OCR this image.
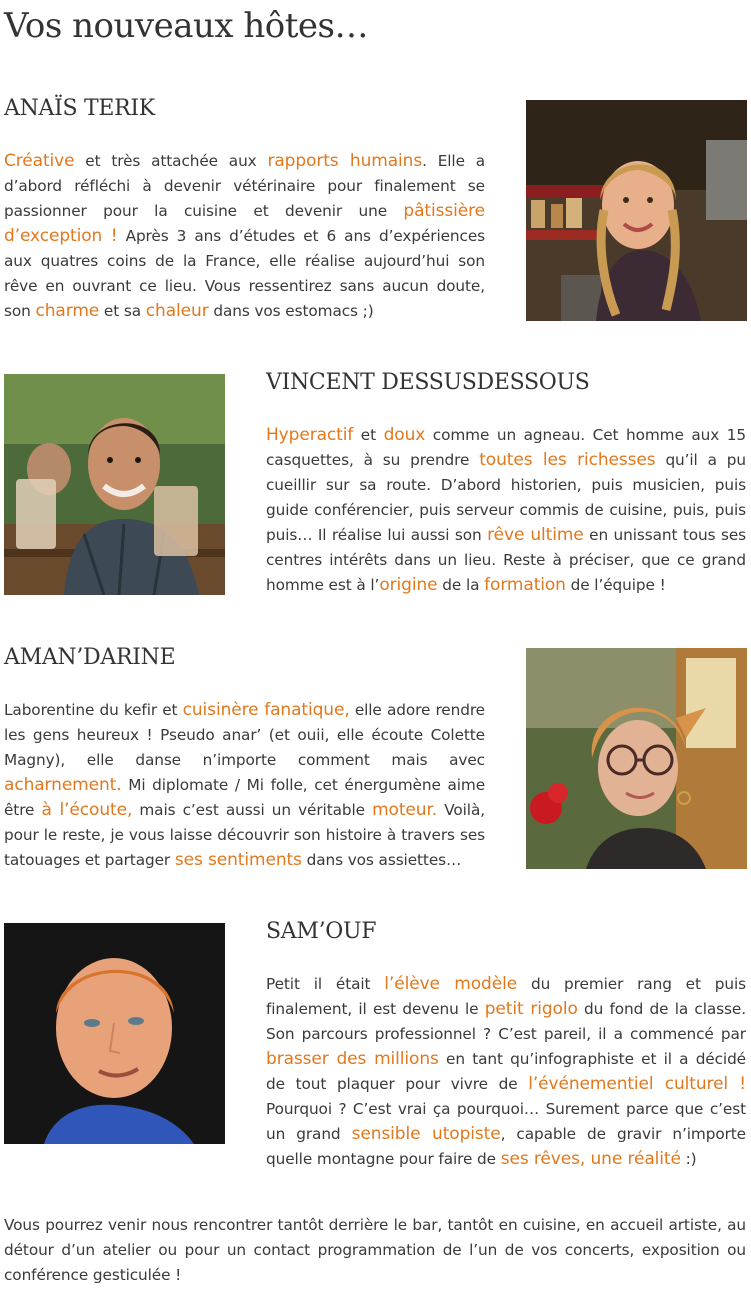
Vos nouveaux hôtes…
ANAÏS TERIK

Créative et très attachée aux rapports humains. Elle a d’abord réfléchi à devenir vétérinaire pour finalement se passionner pour la cuisine et devenir une pâtissière d’exception ! Après 3 ans d’études et 6 ans d’expériences aux quatres coins de la France, elle réalise aujourd’hui son rêve en ouvrant ce lieu. Vous ressentirez sans aucun doute, son charme et sa chaleur dans vos estomacs ;)

VINCENT DESSUSDESSOUS

Hyperactif et doux comme un agneau. Cet homme aux 15 casquettes, à su prendre toutes les richesses qu’il a pu cueillir sur sa route. D’abord historien, puis musicien, puis guide conférencier, puis serveur commis de cuisine, puis, puis puis… Il réalise lui aussi son rêve ultime en unissant tous ses centres intérêts dans un lieu. Reste à préciser, que ce grand homme est à l’origine de la formation de l’équipe !

AMAN’DARINE

Laborentine du kefir et cuisinère fanatique, elle adore rendre les gens heureux ! Pseudo anar’ (et ouii, elle écoute Colette Magny), elle danse n’importe comment mais avec acharnement. Mi diplomate / Mi folle, cet énergumène aime être à l’écoute, mais c’est aussi un véritable moteur. Voilà, pour le reste, je vous laisse découvrir son histoire à travers ses tatouages et partager ses sentiments dans vos assiettes…

SAM’OUF

Petit il était l’élève modèle du premier rang et puis finalement, il est devenu le petit rigolo du fond de la classe. Son parcours professionnel ? C’est pareil, il a commencé par brasser des millions en tant qu’infographiste et il a décidé de tout plaquer pour vivre de l’événementiel culturel ! Pourquoi ? C’est vrai ça pourquoi… Surement parce que c’est un grand sensible utopiste, capable de gravir n’importe quelle montagne pour faire de ses rêves, une réalité :)

Vous pourrez venir nous rencontrer tantôt derrière le bar, tantôt en cuisine, en accueil artiste, au détour d’un atelier ou pour un contact programmation de l’un de vos concerts, exposition ou conférence gesticulée !
